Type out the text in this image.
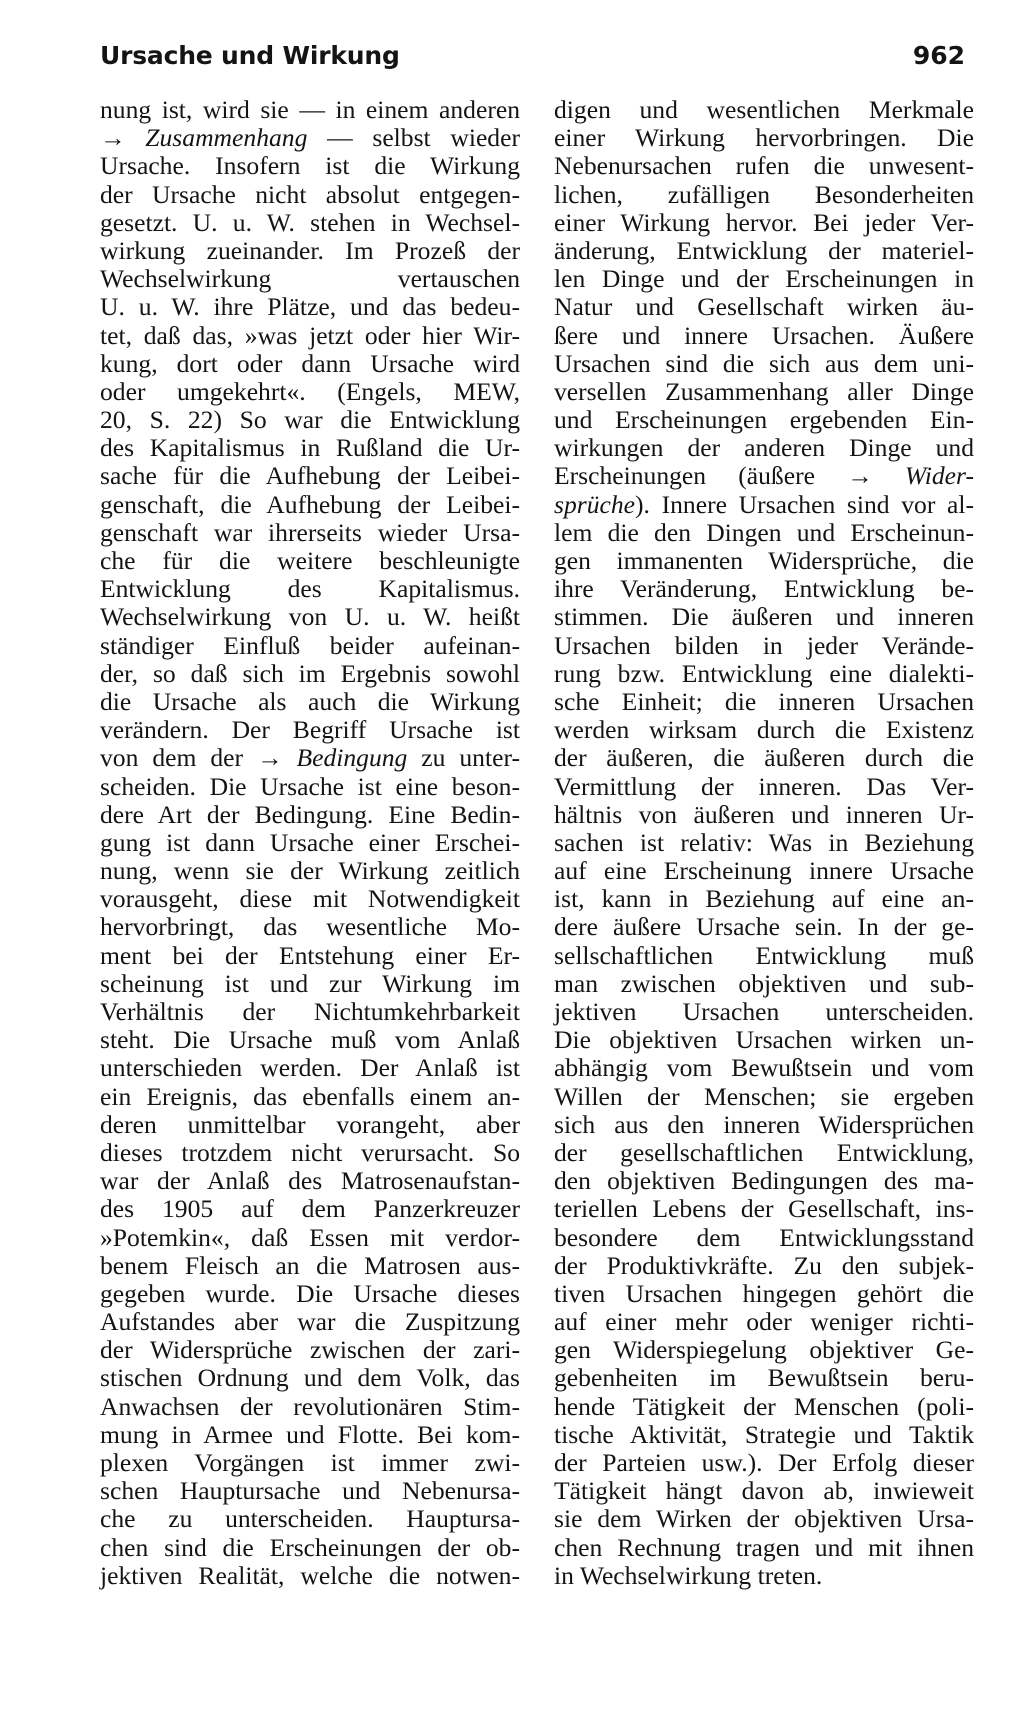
Ursache und Wirkung	962
nung ist, wird sie — in einem anderen
→ Zusammenhang — selbst wieder
Ursache. Insofern ist die Wirkung
der Ursache nicht absolut entgegen-
gesetzt. U. u. W. stehen in Wechsel-
wirkung zueinander. Im Prozeß der
Wechselwirkung vertauschen
U. u. W. ihre Plätze, und das bedeu-
tet, daß das, »was jetzt oder hier Wir-
kung, dort oder dann Ursache wird
oder umgekehrt«. (Engels, MEW,
20, S. 22) So war die Entwicklung
des Kapitalismus in Rußland die Ur-
sache für die Aufhebung der Leibei-
genschaft, die Aufhebung der Leibei-
genschaft war ihrerseits wieder Ursa-
che für die weitere beschleunigte
Entwicklung des Kapitalismus.
Wechselwirkung von U. u. W. heißt
ständiger Einfluß beider aufeinan-
der, so daß sich im Ergebnis sowohl
die Ursache als auch die Wirkung
verändern. Der Begriff Ursache ist
von dem der → Bedingung zu unter-
scheiden. Die Ursache ist eine beson-
dere Art der Bedingung. Eine Bedin-
gung ist dann Ursache einer Erschei-
nung, wenn sie der Wirkung zeitlich
vorausgeht, diese mit Notwendigkeit
hervorbringt, das wesentliche Mo-
ment bei der Entstehung einer Er-
scheinung ist und zur Wirkung im
Verhältnis der Nichtumkehrbarkeit
steht. Die Ursache muß vom Anlaß
unterschieden werden. Der Anlaß ist
ein Ereignis, das ebenfalls einem an-
deren unmittelbar vorangeht, aber
dieses trotzdem nicht verursacht. So
war der Anlaß des Matrosenaufstan-
des 1905 auf dem Panzerkreuzer
»Potemkin«, daß Essen mit verdor-
benem Fleisch an die Matrosen aus-
gegeben wurde. Die Ursache dieses
Aufstandes aber war die Zuspitzung
der Widersprüche zwischen der zari-
stischen Ordnung und dem Volk, das
Anwachsen der revolutionären Stim-
mung in Armee und Flotte. Bei kom-
plexen Vorgängen ist immer zwi-
schen Hauptursache und Nebenursa-
che zu unterscheiden. Hauptursa-
chen sind die Erscheinungen der ob-
jektiven Realität, welche die notwen-
digen und wesentlichen Merkmale
einer Wirkung hervorbringen. Die
Nebenursachen rufen die unwesent-
lichen, zufälligen Besonderheiten
einer Wirkung hervor. Bei jeder Ver-
änderung, Entwicklung der materiel-
len Dinge und der Erscheinungen in
Natur und Gesellschaft wirken äu-
ßere und innere Ursachen. Äußere
Ursachen sind die sich aus dem uni-
versellen Zusammenhang aller Dinge
und Erscheinungen ergebenden Ein-
wirkungen der anderen Dinge und
Erscheinungen (äußere → Wider-
sprüche). Innere Ursachen sind vor al-
lem die den Dingen und Erscheinun-
gen immanenten Widersprüche, die
ihre Veränderung, Entwicklung be-
stimmen. Die äußeren und inneren
Ursachen bilden in jeder Verände-
rung bzw. Entwicklung eine dialekti-
sche Einheit; die inneren Ursachen
werden wirksam durch die Existenz
der äußeren, die äußeren durch die
Vermittlung der inneren. Das Ver-
hältnis von äußeren und inneren Ur-
sachen ist relativ: Was in Beziehung
auf eine Erscheinung innere Ursache
ist, kann in Beziehung auf eine an-
dere äußere Ursache sein. In der ge-
sellschaftlichen Entwicklung muß
man zwischen objektiven und sub-
jektiven Ursachen unterscheiden.
Die objektiven Ursachen wirken un-
abhängig vom Bewußtsein und vom
Willen der Menschen; sie ergeben
sich aus den inneren Widersprüchen
der gesellschaftlichen Entwicklung,
den objektiven Bedingungen des ma-
teriellen Lebens der Gesellschaft, ins-
besondere dem Entwicklungsstand
der Produktivkräfte. Zu den subjek-
tiven Ursachen hingegen gehört die
auf einer mehr oder weniger richti-
gen Widerspiegelung objektiver Ge-
gebenheiten im Bewußtsein beru-
hende Tätigkeit der Menschen (poli-
tische Aktivität, Strategie und Taktik
der Parteien usw.). Der Erfolg dieser
Tätigkeit hängt davon ab, inwieweit
sie dem Wirken der objektiven Ursa-
chen Rechnung tragen und mit ihnen
in Wechselwirkung treten.
